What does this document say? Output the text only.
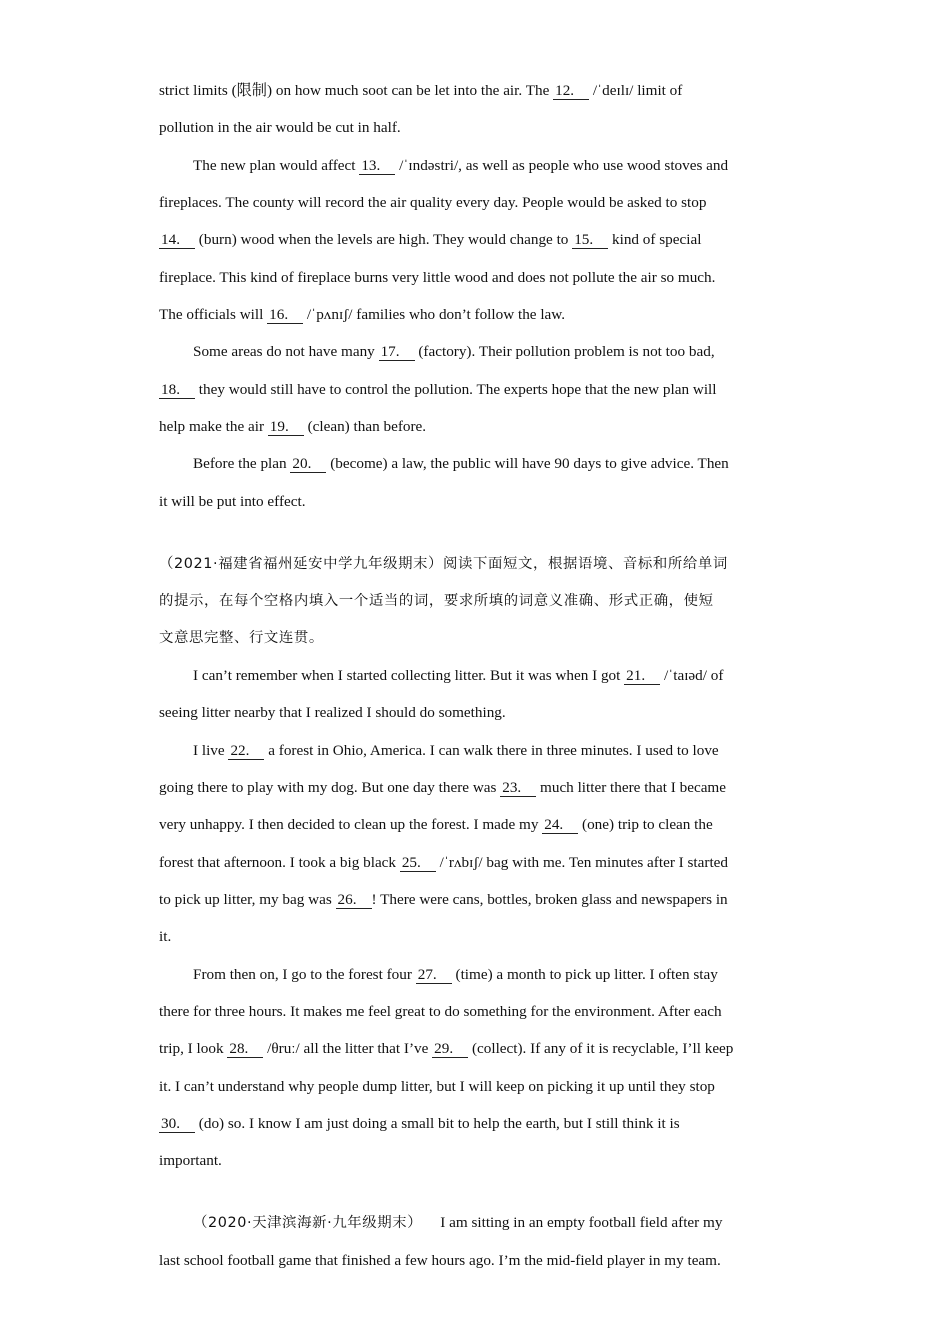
strict limits (限制) on how much soot can be let into the air. The 12. /ˈdeɪlɪ/ limit of
pollution in the air would be cut in half.
The new plan would affect 13. /ˈɪndəstri/, as well as people who use wood stoves and
fireplaces. The county will record the air quality every day. People would be asked to stop
14. (burn) wood when the levels are high. They would change to 15. kind of special
fireplace. This kind of fireplace burns very little wood and does not pollute the air so much.
The officials will 16. /ˈpʌnɪʃ/ families who don’t follow the law.
Some areas do not have many 17. (factory). Their pollution problem is not too bad,
18. they would still have to control the pollution. The experts hope that the new plan will
help make the air 19. (clean) than before.
Before the plan 20. (become) a law, the public will have 90 days to give advice. Then
it will be put into effect.
（2021·福建省福州延安中学九年级期末）阅读下面短文，根据语境、音标和所给单词
的提示，在每个空格内填入一个适当的词，要求所填的词意义准确、形式正确，使短
文意思完整、行文连贯。
I can’t remember when I started collecting litter. But it was when I got 21. /ˈtaɪəd/ of
seeing litter nearby that I realized I should do something.
I live 22. a forest in Ohio, America. I can walk there in three minutes. I used to love
going there to play with my dog. But one day there was 23. much litter there that I became
very unhappy. I then decided to clean up the forest. I made my 24. (one) trip to clean the
forest that afternoon. I took a big black 25. /ˈrʌbɪʃ/ bag with me. Ten minutes after I started
to pick up litter, my bag was 26. ! There were cans, bottles, broken glass and newspapers in
it.
From then on, I go to the forest four 27. (time) a month to pick up litter. I often stay
there for three hours. It makes me feel great to do something for the environment. After each
trip, I look 28. /θruː/ all the litter that I’ve 29. (collect). If any of it is recyclable, I’ll keep
it. I can’t understand why people dump litter, but I will keep on picking it up until they stop
30. (do) so. I know I am just doing a small bit to help the earth, but I still think it is
important.
（2020·天津滨海新·九年级期末） I am sitting in an empty football field after my
last school football game that finished a few hours ago. I’m the mid-field player in my team.
